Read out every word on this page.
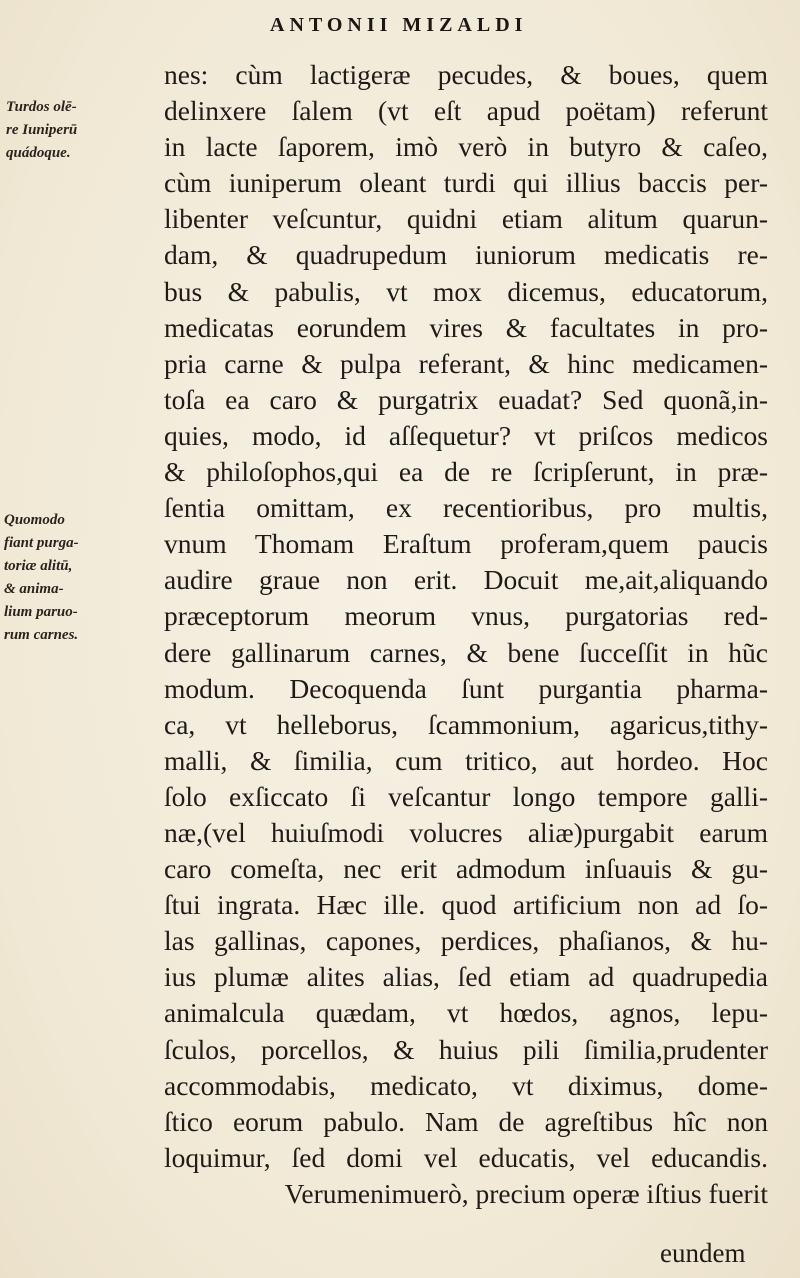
ANTONII MIZALDI
Turdos olē-
re Iuniperū
quádoque.
Quomodo
fiant purga-
toriæ alitū,
& anima-
lium paruo-
rum carnes.
nes: cùm lactigeræ pecudes, & boues, quem
delinxere ſalem (vt eſt apud poëtam) referunt
in lacte ſaporem, imò verò in butyro & caſeo,
cùm iuniperum oleant turdi qui illius baccis per-
libenter veſcuntur, quidni etiam alitum quarun-
dam, & quadrupedum iuniorum medicatis re-
bus & pabulis, vt mox dicemus, educatorum,
medicatas eorundem vires & facultates in pro-
pria carne & pulpa referant, & hinc medicamen-
toſa ea caro & purgatrix euadat? Sed quonã,in-
quies, modo, id aſſequetur? vt priſcos medicos
& philoſophos,qui ea de re ſcripſerunt, in præ-
ſentia omittam, ex recentioribus, pro multis,
vnum Thomam Eraſtum proferam,quem paucis
audire graue non erit. Docuit me,ait,aliquando
præceptorum meorum vnus, purgatorias red-
dere gallinarum carnes, & bene ſucceſſit in hũc
modum. Decoquenda ſunt purgantia pharma-
ca, vt helleborus, ſcammonium, agaricus,tithy-
malli, & ſimilia, cum tritico, aut hordeo. Hoc
ſolo exſiccato ſi veſcantur longo tempore galli-
næ,(vel huiuſmodi volucres aliæ)purgabit earum
caro comeſta, nec erit admodum inſuauis & gu-
ſtui ingrata. Hæc ille. quod artificium non ad ſo-
las gallinas, capones, perdices, phaſianos, & hu-
ius plumæ alites alias, ſed etiam ad quadrupedia
animalcula quædam, vt hœdos, agnos, lepu-
ſculos, porcellos, & huius pili ſimilia,prudenter
accommodabis, medicato, vt diximus, dome-
ſtico eorum pabulo. Nam de agreſtibus hîc non
loquimur, ſed domi vel educatis, vel educandis.
Verumenimuerò, precium operæ iſtius fuerit
eundem
